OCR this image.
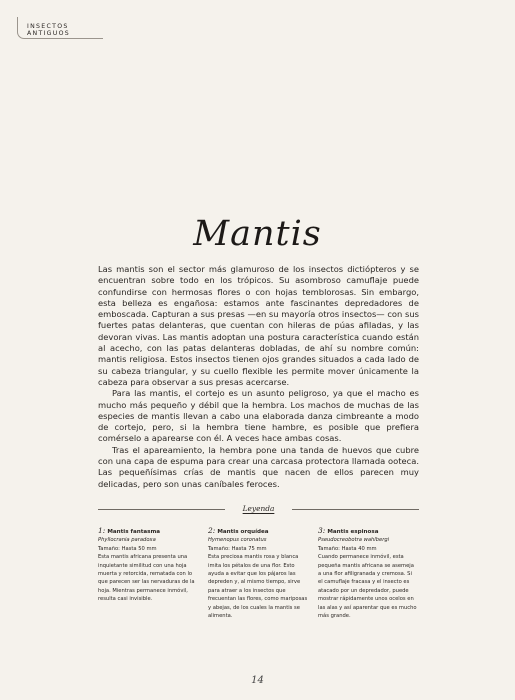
INSECTOS ANTIGUOS
Mantis

Las mantis son el sector más glamuroso de los insectos dictiópteros y se encuentran sobre todo en los trópicos. Su asombroso camuflaje puede confundirse con hermosas flores o con hojas temblorosas. Sin embargo, esta belleza es engañosa: estamos ante fascinantes depredadores de emboscada. Capturan a sus presas —en su mayoría otros insectos— con sus fuertes patas delanteras, que cuentan con hileras de púas afiladas, y las devoran vivas. Las mantis adoptan una postura característica cuando están al acecho, con las patas delanteras dobladas, de ahí su nombre común: mantis religiosa. Estos insectos tienen ojos grandes situados a cada lado de su cabeza triangular, y su cuello flexible les permite mover únicamente la cabeza para observar a sus presas acercarse.

Para las mantis, el cortejo es un asunto peligroso, ya que el macho es mucho más pequeño y débil que la hembra. Los machos de muchas de las especies de mantis llevan a cabo una elaborada danza cimbreante a modo de cortejo, pero, si la hembra tiene hambre, es posible que prefiera comérselo a aparearse con él. A veces hace ambas cosas.

Tras el apareamiento, la hembra pone una tanda de huevos que cubre con una capa de espuma para crear una carcasa protectora llamada ooteca. Las pequeñísimas crías de mantis que nacen de ellos parecen muy delicadas, pero son unas caníbales feroces.

Leyenda
1: Mantis fantasma
Phyllocrania paradoxa
Tamaño: Hasta 50 mm
Esta mantis africana presenta una inquietante similitud con una hoja muerta y retorcida, rematada con lo que parecen ser las nervaduras de la hoja. Mientras permanece inmóvil, resulta casi invisible.
2: Mantis orquídea
Hymenopus coronatus
Tamaño: Hasta 75 mm
Esta preciosa mantis rosa y blanca imita los pétalos de una flor. Esto ayuda a evitar que los pájaros las depreden y, al mismo tiempo, sirve para atraer a los insectos que frecuentan las flores, como mariposas y abejas, de los cuales la mantis se alimenta.
3: Mantis espinosa
Pseudocreobotra wahlbergi
Tamaño: Hasta 40 mm
Cuando permanece inmóvil, esta pequeña mantis africana se asemeja a una flor afiligranada y cremosa. Si el camuflaje fracasa y el insecto es atacado por un depredador, puede mostrar rápidamente unos ocelos en las alas y así aparentar que es mucho más grande.
14
